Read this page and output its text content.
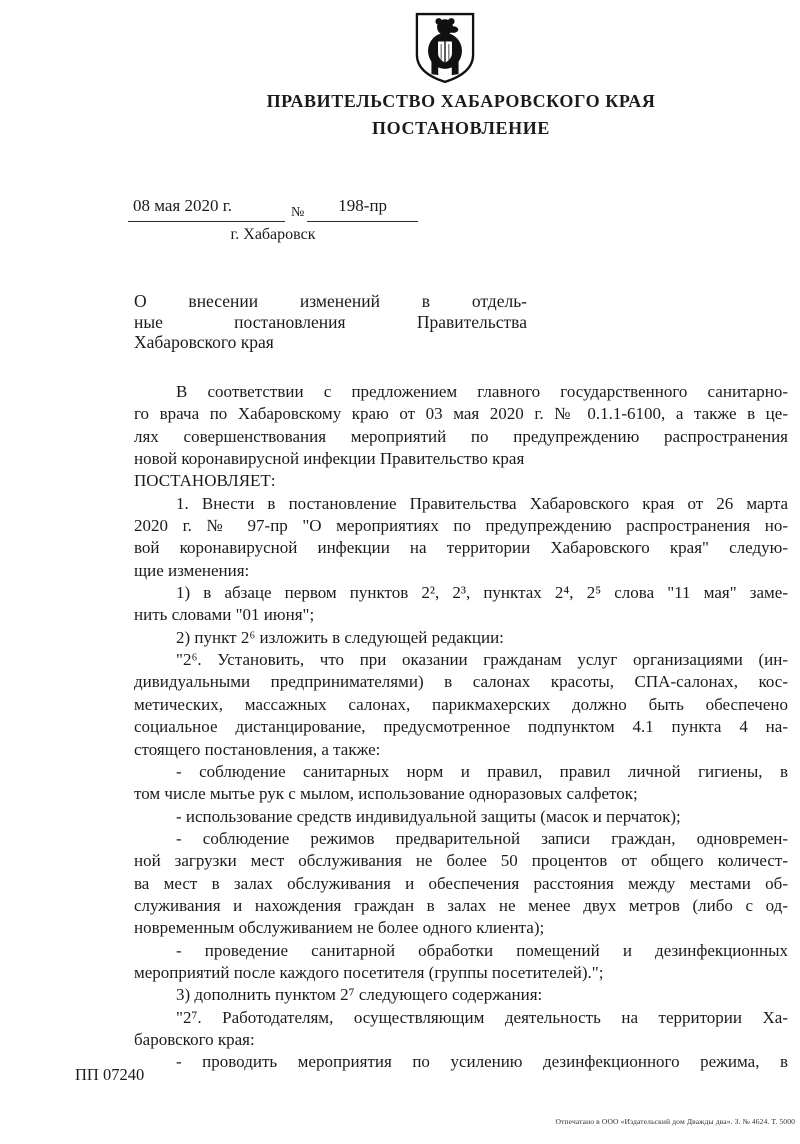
ПРАВИТЕЛЬСТВО ХАБАРОВСКОГО КРАЯ
ПОСТАНОВЛЕНИЕ
08 мая 2020 г.	№	198-пр
г. Хабаровск
О внесении изменений в отдель-
ные постановления Правительства
Хабаровского края
В соответствии с предложением главного государственного санитарно-
го врача по Хабаровскому краю от 03 мая 2020 г. № 0.1.1-6100, а также в це-
лях совершенствования мероприятий по предупреждению распространения
новой коронавирусной инфекции Правительство края
ПОСТАНОВЛЯЕТ:
1. Внести в постановление Правительства Хабаровского края от 26 марта
2020 г. № 97-пр "О мероприятиях по предупреждению распространения но-
вой коронавирусной инфекции на территории Хабаровского края" следую-
щие изменения:
1) в абзаце первом пунктов 2², 2³, пунктах 2⁴, 2⁵ слова "11 мая" заме-
нить словами "01 июня";
2) пункт 2⁶ изложить в следующей редакции:
"2⁶. Установить, что при оказании гражданам услуг организациями (ин-
дивидуальными предпринимателями) в салонах красоты, СПА-салонах, кос-
метических, массажных салонах, парикмахерских должно быть обеспечено
социальное дистанцирование, предусмотренное подпунктом 4.1 пункта 4 на-
стоящего постановления, а также:
- соблюдение санитарных норм и правил, правил личной гигиены, в
том числе мытье рук с мылом, использование одноразовых салфеток;
- использование средств индивидуальной защиты (масок и перчаток);
- соблюдение режимов предварительной записи граждан, одновремен-
ной загрузки мест обслуживания не более 50 процентов от общего количест-
ва мест в залах обслуживания и обеспечения расстояния между местами об-
служивания и нахождения граждан в залах не менее двух метров (либо с од-
новременным обслуживанием не более одного клиента);
- проведение санитарной обработки помещений и дезинфекционных
мероприятий после каждого посетителя (группы посетителей).";
3) дополнить пунктом 2⁷ следующего содержания:
"2⁷. Работодателям, осуществляющим деятельность на территории Ха-
баровского края:
- проводить мероприятия по усилению дезинфекционного режима, в
ПП 07240
Отпечатано в ООО «Издательский дом Дважды два». З. № 4624. Т. 5000
